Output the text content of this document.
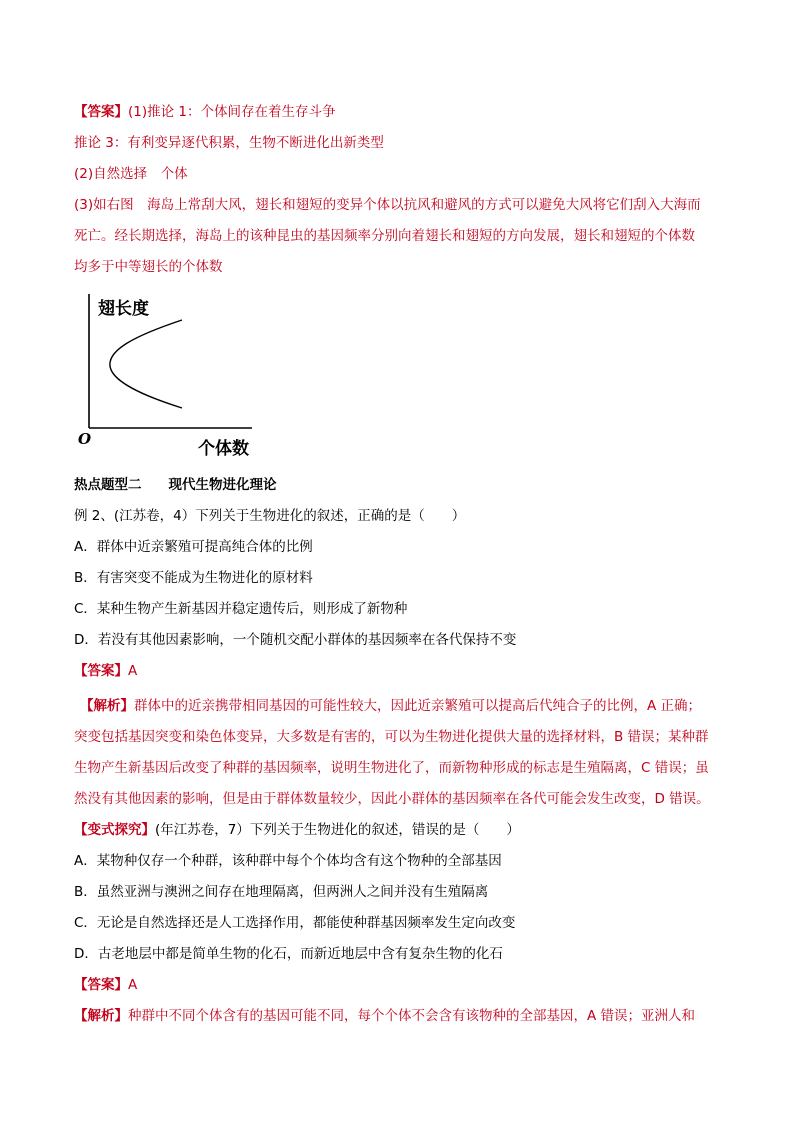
【答案】(1)推论 1：个体间存在着生存斗争
推论 3：有利变异逐代积累，生物不断进化出新类型
(2)自然选择　个体
(3)如右图　海岛上常刮大风，翅长和翅短的变异个体以抗风和避风的方式可以避免大风将它们刮入大海而
死亡。经长期选择，海岛上的该种昆虫的基因频率分别向着翅长和翅短的方向发展，翅长和翅短的个体数
均多于中等翅长的个体数
翅长度
个体数
O
热点题型二　　现代生物进化理论
例 2、(江苏卷，4）下列关于生物进化的叙述，正确的是（　　）
A．群体中近亲繁殖可提高纯合体的比例
B．有害突变不能成为生物进化的原材料
C．某种生物产生新基因并稳定遗传后，则形成了新物种
D．若没有其他因素影响，一个随机交配小群体的基因频率在各代保持不变
【答案】A
【解析】群体中的近亲携带相同基因的可能性较大，因此近亲繁殖可以提高后代纯合子的比例，A 正确；
突变包括基因突变和染色体变异，大多数是有害的，可以为生物进化提供大量的选择材料，B 错误；某种群
生物产生新基因后改变了种群的基因频率，说明生物进化了，而新物种形成的标志是生殖隔离，C 错误；虽
然没有其他因素的影响，但是由于群体数量较少，因此小群体的基因频率在各代可能会发生改变，D 错误。
【变式探究】(年江苏卷，7）下列关于生物进化的叙述，错误的是（　　）
A．某物种仅存一个种群，该种群中每个个体均含有这个物种的全部基因
B．虽然亚洲与澳洲之间存在地理隔离，但两洲人之间并没有生殖隔离
C．无论是自然选择还是人工选择作用，都能使种群基因频率发生定向改变
D．古老地层中都是简单生物的化石，而新近地层中含有复杂生物的化石
【答案】A
【解析】种群中不同个体含有的基因可能不同，每个个体不会含有该物种的全部基因，A 错误；亚洲人和
